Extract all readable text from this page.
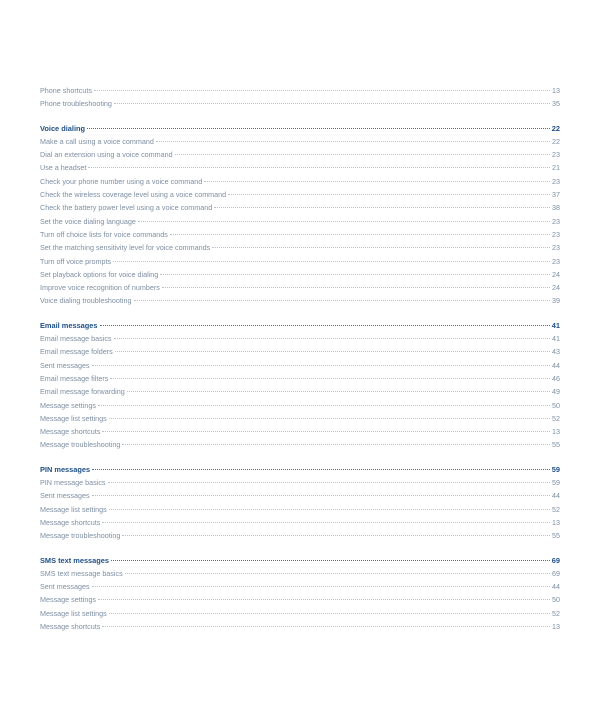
Phone shortcuts	13
Phone troubleshooting	35
Voice dialing	22
Make a call using a voice command	22
Dial an extension using a voice command	23
Use a headset	21
Check your phone number using a voice command	23
Check the wireless coverage level using a voice command	37
Check the battery power level using a voice command	38
Set the voice dialing language	23
Turn off choice lists for voice commands	23
Set the matching sensitivity level for voice commands	23
Turn off voice prompts	23
Set playback options for voice dialing	24
Improve voice recognition of numbers	24
Voice dialing troubleshooting	39
Email messages	41
Email message basics	41
Email message folders	43
Sent messages	44
Email message filters	46
Email message forwarding	49
Message settings	50
Message list settings	52
Message shortcuts	13
Message troubleshooting	55
PIN messages	59
PIN message basics	59
Sent messages	44
Message list settings	52
Message shortcuts	13
Message troubleshooting	55
SMS text messages	69
SMS text message basics	69
Sent messages	44
Message settings	50
Message list settings	52
Message shortcuts	13
